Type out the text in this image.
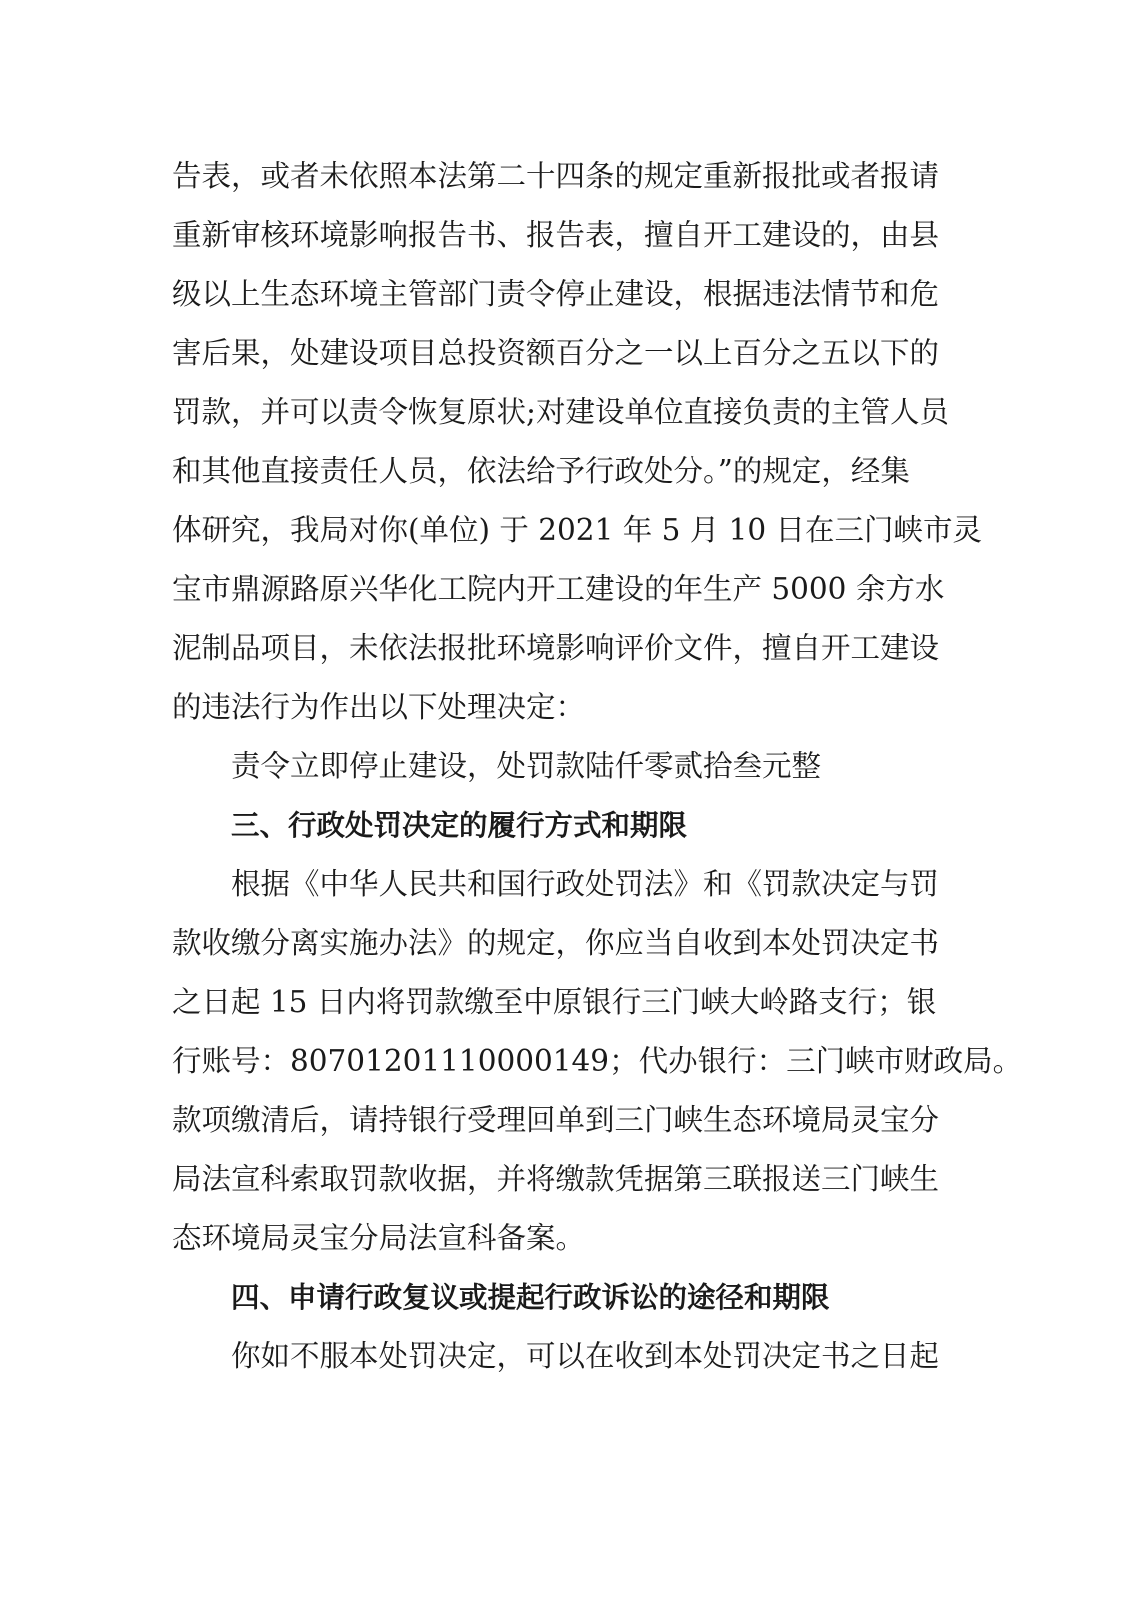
告表，或者未依照本法第二十四条的规定重新报批或者报请
重新审核环境影响报告书、报告表，擅自开工建设的，由县
级以上生态环境主管部门责令停止建设，根据违法情节和危
害后果，处建设项目总投资额百分之一以上百分之五以下的
罚款，并可以责令恢复原状;对建设单位直接负责的主管人员
和其他直接责任人员，依法给予行政处分。”的规定，经集
体研究，我局对你(单位) 于 2021 年 5 月 10 日在三门峡市灵
宝市鼎源路原兴华化工院内开工建设的年生产 5000 余方水
泥制品项目，未依法报批环境影响评价文件，擅自开工建设
的违法行为作出以下处理决定：
责令立即停止建设，处罚款陆仟零贰拾叁元整
三、行政处罚决定的履行方式和期限
根据《中华人民共和国行政处罚法》和《罚款决定与罚
款收缴分离实施办法》的规定，你应当自收到本处罚决定书
之日起 15 日内将罚款缴至中原银行三门峡大岭路支行；银
行账号：80701201110000149；代办银行：三门峡市财政局。
款项缴清后，请持银行受理回单到三门峡生态环境局灵宝分
局法宣科索取罚款收据，并将缴款凭据第三联报送三门峡生
态环境局灵宝分局法宣科备案。
四、申请行政复议或提起行政诉讼的途径和期限
你如不服本处罚决定，可以在收到本处罚决定书之日起
